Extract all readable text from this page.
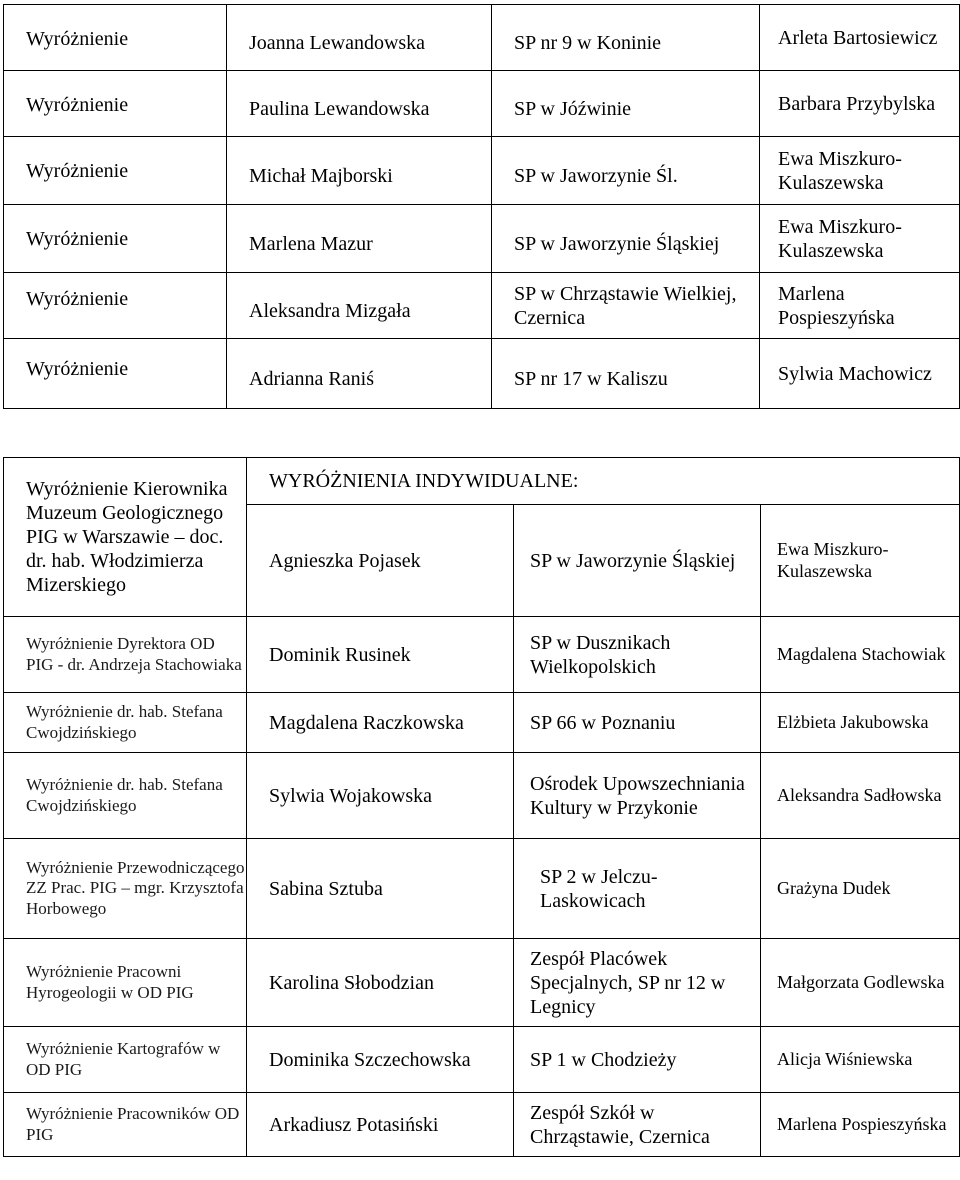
Wyróżnienie	Joanna Lewandowska	SP nr 9 w Koninie	Arleta Bartosiewicz
Wyróżnienie	Paulina Lewandowska	SP w Jóźwinie	Barbara Przybylska
Wyróżnienie	Michał Majborski	SP w Jaworzynie Śl.	Ewa Miszkuro-Kulaszewska
Wyróżnienie	Marlena Mazur	SP w Jaworzynie Śląskiej	Ewa Miszkuro-Kulaszewska
Wyróżnienie	Aleksandra Mizgała	SP w Chrząstawie Wielkiej, Czernica	Marlena Pospieszyńska
Wyróżnienie	Adrianna Raniś	SP nr 17 w Kaliszu	Sylwia Machowicz
Wyróżnienie Kierownika Muzeum Geologicznego PIG w Warszawie – doc. dr. hab. Włodzimierza Mizerskiego	WYRÓŻNIENIA INDYWIDUALNE:		
	Agnieszka Pojasek	SP w Jaworzynie Śląskiej	Ewa Miszkuro-Kulaszewska
Wyróżnienie Dyrektora OD PIG - dr. Andrzeja Stachowiaka	Dominik Rusinek	SP w Dusznikach Wielkopolskich	Magdalena Stachowiak
Wyróżnienie dr. hab. Stefana Cwojdzińskiego	Magdalena Raczkowska	SP 66 w Poznaniu	Elżbieta Jakubowska
Wyróżnienie dr. hab. Stefana Cwojdzińskiego	Sylwia Wojakowska	Ośrodek Upowszechniania Kultury w Przykonie	Aleksandra Sadłowska
Wyróżnienie Przewodniczącego ZZ Prac. PIG – mgr. Krzysztofa Horbowego	Sabina Sztuba	SP 2 w Jelczu-Laskowicach	Grażyna Dudek
Wyróżnienie Pracowni Hyrogeologii w OD PIG	Karolina Słobodzian	Zespół Placówek Specjalnych, SP nr 12 w Legnicy	Małgorzata Godlewska
Wyróżnienie Kartografów w OD PIG	Dominika Szczechowska	SP 1 w Chodzieży	Alicja Wiśniewska
Wyróżnienie Pracowników OD PIG	Arkadiusz Potasiński	Zespół Szkół w Chrząstawie, Czernica	Marlena Pospieszyńska
